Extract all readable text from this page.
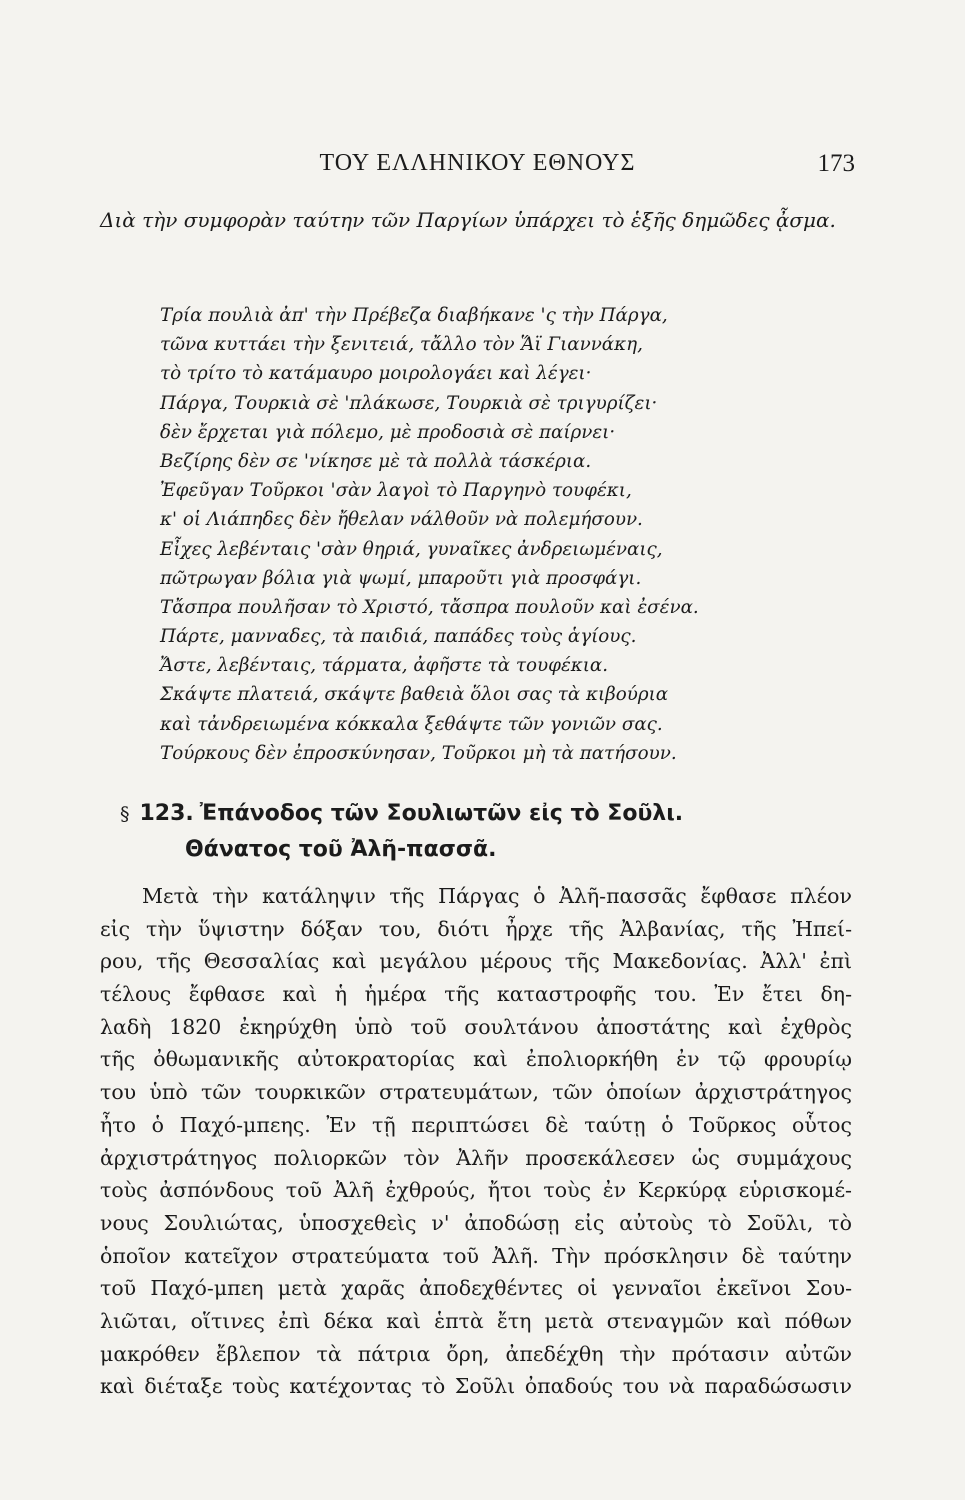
ΤΟΥ ΕΛΛΗΝΙΚΟΥ ΕΘΝΟΥΣ	173
Διὰ τὴν συμφορὰν ταύτην τῶν Παργίων ὑπάρχει τὸ ἑξῆς δημῶδες ᾆσμα.
Τρία πουλιὰ ἀπ' τὴν Πρέβεζα διαβήκανε 'ς τὴν Πάργα,
τῶνα κυττάει τὴν ξενιτειά, τἄλλο τὸν Ἅϊ Γιαννάκη,
τὸ τρίτο τὸ κατάμαυρο μοιρολογάει καὶ λέγει·
Πάργα, Τουρκιὰ σὲ 'πλάκωσε, Τουρκιὰ σὲ τριγυρίζει·
δὲν ἔρχεται γιὰ πόλεμο, μὲ προδοσιὰ σὲ παίρνει·
Βεζίρης δὲν σε 'νίκησε μὲ τὰ πολλὰ τάσκέρια.
Ἐφεῦγαν Τοῦρκοι 'σὰν λαγοὶ τὸ Παργηνὸ τουφέκι,
κ' οἱ Λιάπηδες δὲν ἤθελαν νάλθοῦν νὰ πολεμήσουν.
Εἶχες λεβένταις 'σὰν θηριά, γυναῖκες ἀνδρειωμέναις,
πῶτρωγαν βόλια γιὰ ψωμί, μπαροῦτι γιὰ προσφάγι.
Τἄσπρα πουλῆσαν τὸ Χριστό, τἄσπρα πουλοῦν καὶ ἐσένα.
Πάρτε, μανναδες, τὰ παιδιά, παπάδες τοὺς ἁγίους.
Ἄστε, λεβένταις, τάρματα, ἀφῆστε τὰ τουφέκια.
Σκάψτε πλατειά, σκάψτε βαθειὰ ὅλοι σας τὰ κιβούρια
καὶ τἀνδρειωμένα κόκκαλα ξεθάψτε τῶν γονιῶν σας.
Τούρκους δὲν ἐπροσκύνησαν, Τοῦρκοι μὴ τὰ πατήσουν.
§ 123. Ἐπάνοδος τῶν Σουλιωτῶν εἰς τὸ Σοῦλι.
Θάνατος τοῦ Ἀλῆ-πασσᾶ.
Μετὰ τὴν κατάληψιν τῆς Πάργας ὁ Ἀλῆ-πασσᾶς ἔφθασε πλέον
εἰς τὴν ὕψιστην δόξαν του, διότι ἦρχε τῆς Ἀλβανίας, τῆς Ἠπεί-
ρου, τῆς Θεσσαλίας καὶ μεγάλου μέρους τῆς Μακεδονίας. Ἀλλ' ἐπὶ
τέλους ἔφθασε καὶ ἡ ἡμέρα τῆς καταστροφῆς του. Ἐν ἔτει δη-
λαδὴ 1820 ἐκηρύχθη ὑπὸ τοῦ σουλτάνου ἀποστάτης καὶ ἐχθρὸς
τῆς ὀθωμανικῆς αὐτοκρατορίας καὶ ἐπολιορκήθη ἐν τῷ φρουρίῳ
του ὑπὸ τῶν τουρκικῶν στρατευμάτων, τῶν ὁποίων ἀρχιστράτηγος
ἦτο ὁ Παχό-μπεης. Ἐν τῇ περιπτώσει δὲ ταύτῃ ὁ Τοῦρκος οὗτος
ἀρχιστράτηγος πολιορκῶν τὸν Ἀλῆν προσεκάλεσεν ὡς συμμάχους
τοὺς ἀσπόνδους τοῦ Ἀλῆ ἐχθρούς, ἤτοι τοὺς ἐν Κερκύρᾳ εὑρισκομέ-
νους Σουλιώτας, ὑποσχεθεὶς ν' ἀποδώσῃ εἰς αὐτοὺς τὸ Σοῦλι, τὸ
ὁποῖον κατεῖχον στρατεύματα τοῦ Ἀλῆ. Τὴν πρόσκλησιν δὲ ταύτην
τοῦ Παχό-μπεη μετὰ χαρᾶς ἀποδεχθέντες οἱ γενναῖοι ἐκεῖνοι Σου-
λιῶται, οἵτινες ἐπὶ δέκα καὶ ἑπτὰ ἔτη μετὰ στεναγμῶν καὶ πόθων
μακρόθεν ἔβλεπον τὰ πάτρια ὄρη, ἀπεδέχθη τὴν πρότασιν αὐτῶν
καὶ διέταξε τοὺς κατέχοντας τὸ Σοῦλι ὀπαδούς του νὰ παραδώσωσιν
